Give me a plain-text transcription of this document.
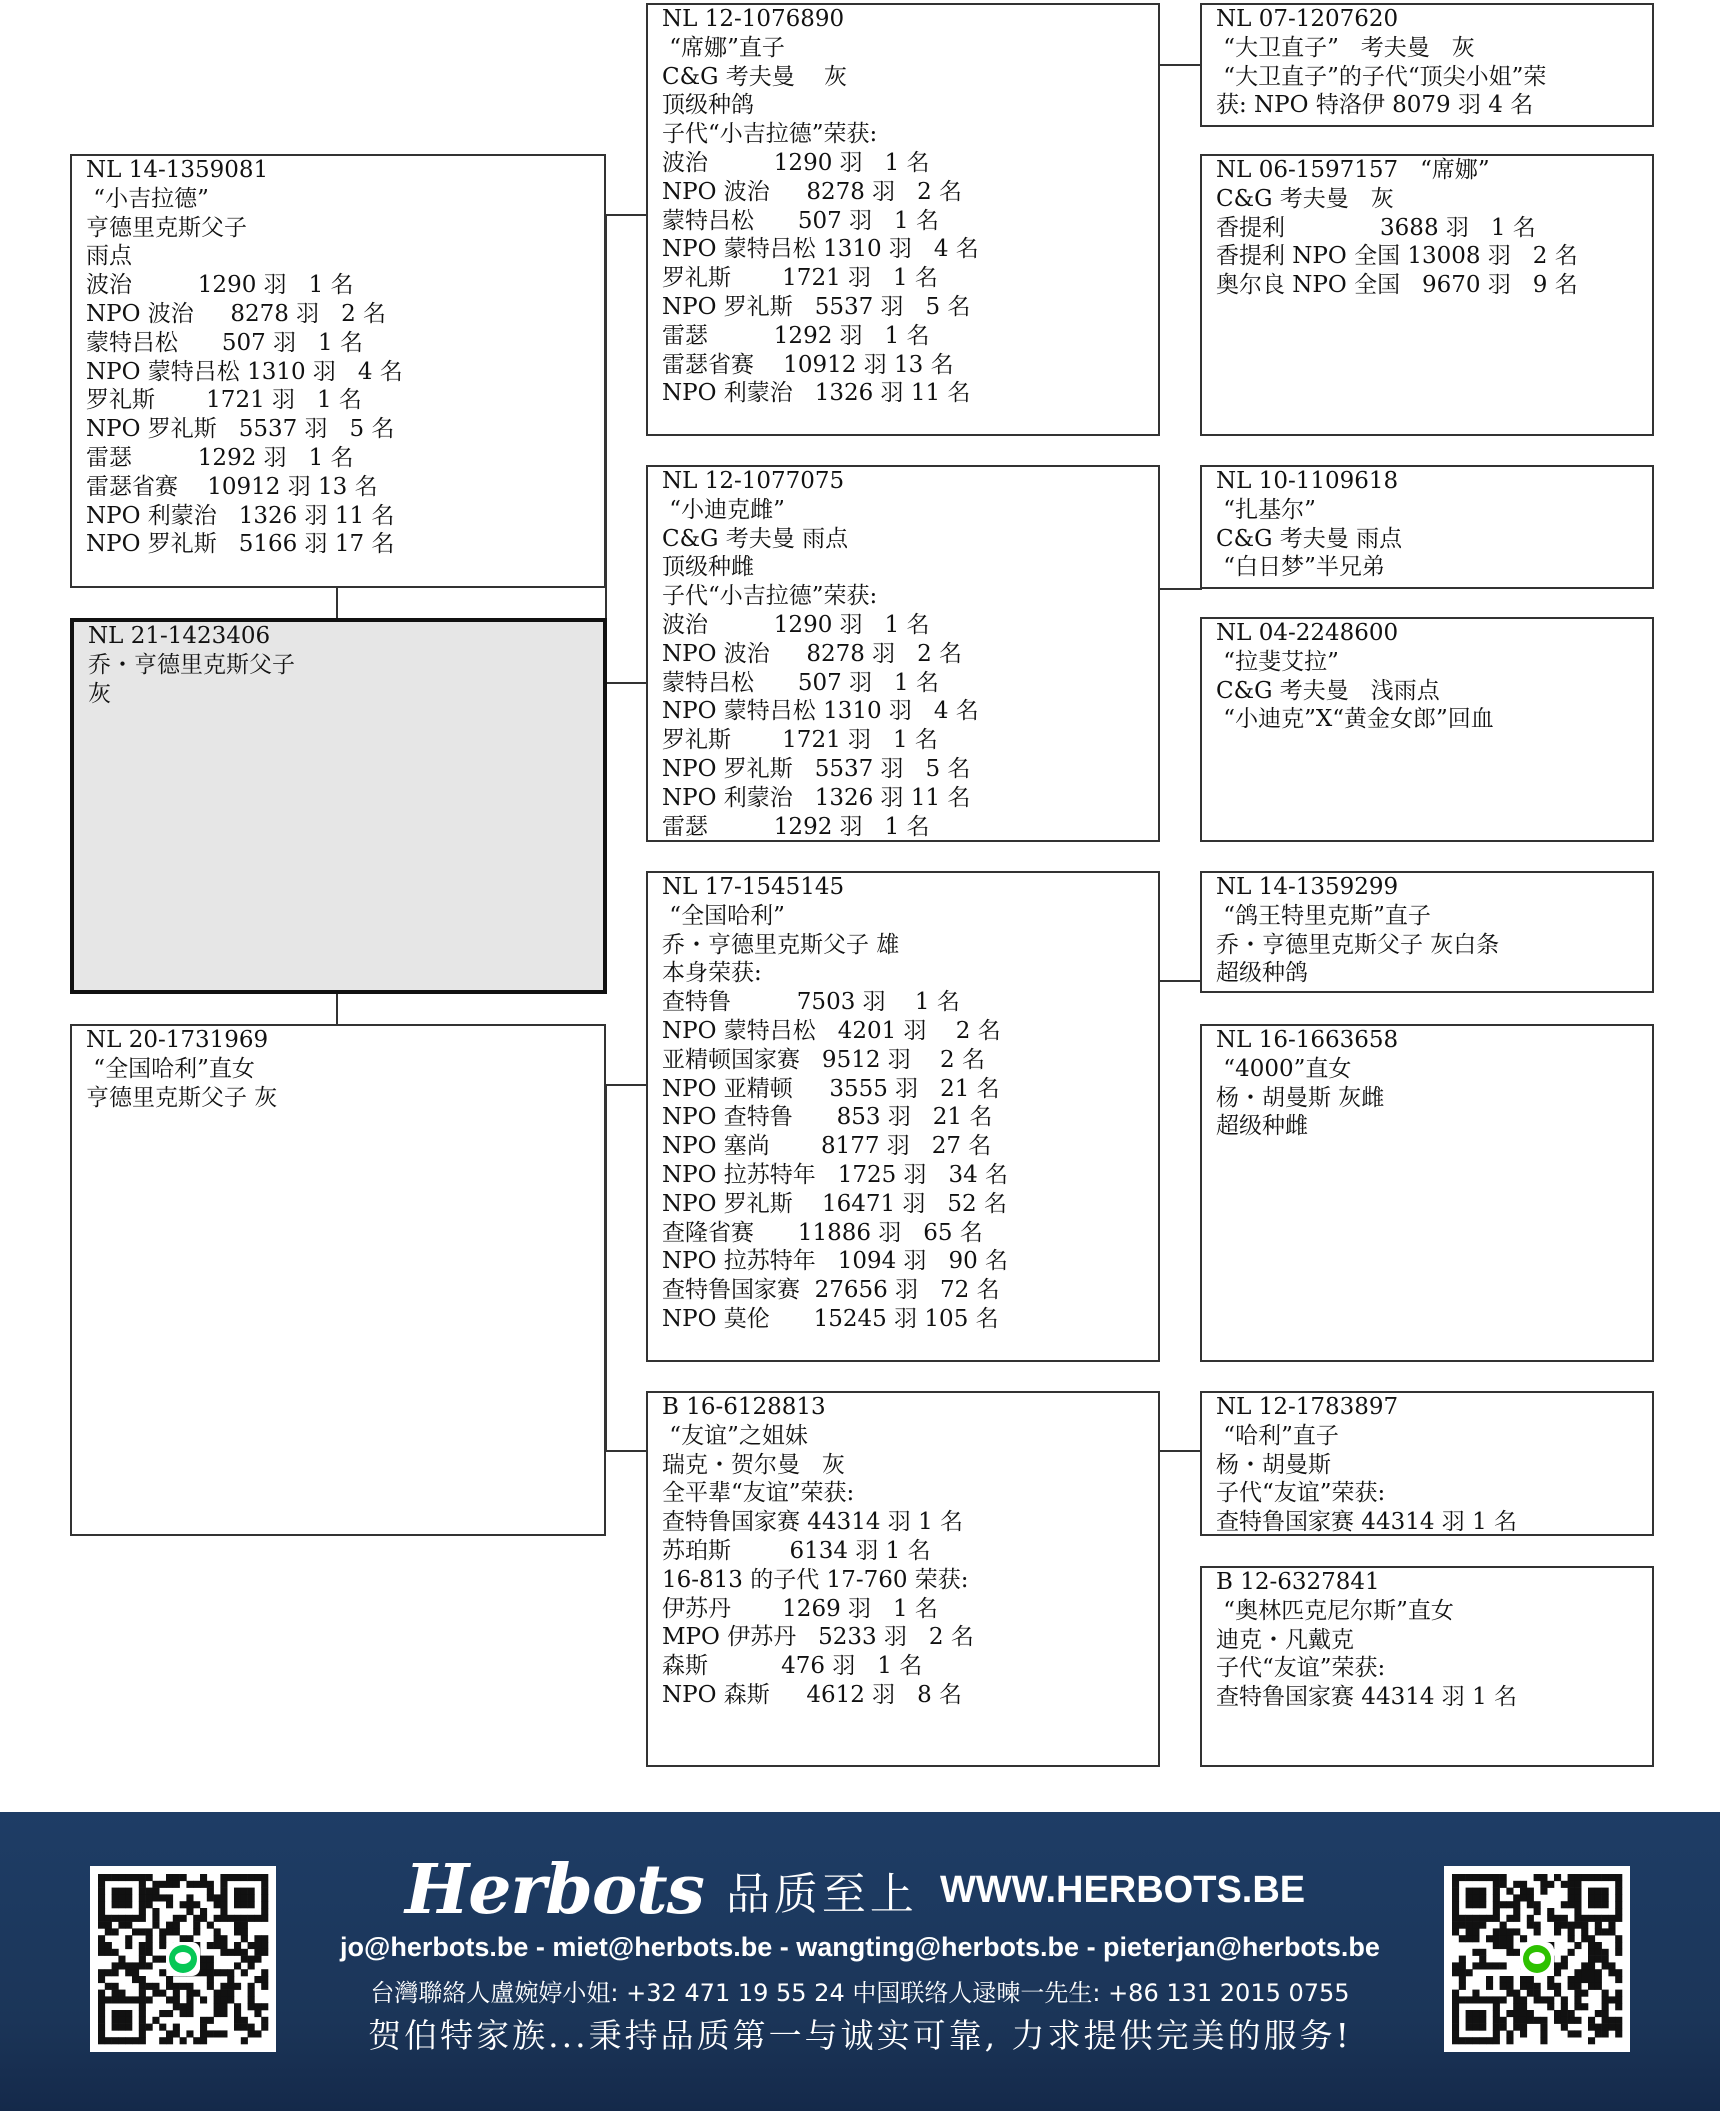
NL 14-1359081
“小吉拉德”
亨德里克斯父子
雨点
波治         1290 羽   1 名
NPO 波治     8278 羽   2 名
蒙特吕松      507 羽   1 名
NPO 蒙特吕松 1310 羽   4 名
罗礼斯       1721 羽   1 名
NPO 罗礼斯   5537 羽   5 名
雷瑟         1292 羽   1 名
雷瑟省赛    10912 羽 13 名
NPO 利蒙治   1326 羽 11 名
NPO 罗礼斯   5166 羽 17 名
NL 21-1423406
乔・亨德里克斯父子
灰
NL 20-1731969
“全国哈利”直女
亨德里克斯父子 灰
NL 12-1076890
“席娜”直子
C&G 考夫曼    灰
顶级种鸽
子代“小吉拉德”荣获:
波治         1290 羽   1 名
NPO 波治     8278 羽   2 名
蒙特吕松      507 羽   1 名
NPO 蒙特吕松 1310 羽   4 名
罗礼斯       1721 羽   1 名
NPO 罗礼斯   5537 羽   5 名
雷瑟         1292 羽   1 名
雷瑟省赛    10912 羽 13 名
NPO 利蒙治   1326 羽 11 名
NL 12-1077075
“小迪克雌”
C&G 考夫曼 雨点
顶级种雌
子代“小吉拉德”荣获:
波治         1290 羽   1 名
NPO 波治     8278 羽   2 名
蒙特吕松      507 羽   1 名
NPO 蒙特吕松 1310 羽   4 名
罗礼斯       1721 羽   1 名
NPO 罗礼斯   5537 羽   5 名
NPO 利蒙治   1326 羽 11 名
雷瑟         1292 羽   1 名
NL 17-1545145
“全国哈利”
乔・亨德里克斯父子 雄
本身荣获:
查特鲁         7503 羽    1 名
NPO 蒙特吕松   4201 羽    2 名
亚精顿国家赛   9512 羽    2 名
NPO 亚精顿     3555 羽   21 名
NPO 查特鲁      853 羽   21 名
NPO 塞尚       8177 羽   27 名
NPO 拉苏特年   1725 羽   34 名
NPO 罗礼斯    16471 羽   52 名
查隆省赛      11886 羽   65 名
NPO 拉苏特年   1094 羽   90 名
查特鲁国家赛  27656 羽   72 名
NPO 莫伦      15245 羽 105 名
B 16-6128813
“友谊”之姐妹
瑞克・贺尔曼   灰
全平辈“友谊”荣获:
查特鲁国家赛 44314 羽 1 名
苏珀斯        6134 羽 1 名
16-813 的子代 17-760 荣获:
伊苏丹       1269 羽   1 名
MPO 伊苏丹   5233 羽   2 名
森斯          476 羽   1 名
NPO 森斯     4612 羽   8 名
NL 07-1207620
“大卫直子”   考夫曼   灰
“大卫直子”的子代“顶尖小姐”荣
获: NPO 特洛伊 8079 羽 4 名
NL 06-1597157   “席娜”
C&G 考夫曼   灰
香提利             3688 羽   1 名
香提利 NPO 全国 13008 羽   2 名
奥尔良 NPO 全国   9670 羽   9 名
NL 10-1109618
“扎基尔”
C&G 考夫曼 雨点
“白日梦”半兄弟
NL 04-2248600
“拉斐艾拉”
C&G 考夫曼   浅雨点
“小迪克”X“黄金女郎”回血
NL 14-1359299
“鸽王特里克斯”直子
乔・亨德里克斯父子 灰白条
超级种鸽
NL 16-1663658
“4000”直女
杨・胡曼斯 灰雌
超级种雌
NL 12-1783897
“哈利”直子
杨・胡曼斯
子代“友谊”荣获:
查特鲁国家赛 44314 羽 1 名
B 12-6327841
“奥林匹克尼尔斯”直女
迪克・凡戴克
子代“友谊”荣获:
查特鲁国家赛 44314 羽 1 名
Herbots 品质至上 WWW.HERBOTS.BE
jo@herbots.be - miet@herbots.be - wangting@herbots.be - pieterjan@herbots.be
台灣聯絡人盧婉婷小姐: +32 471 19 55 24 中国联络人逯暕一先生: +86 131 2015 0755
贺伯特家族...秉持品质第一与诚实可靠, 力求提供完美的服务!
